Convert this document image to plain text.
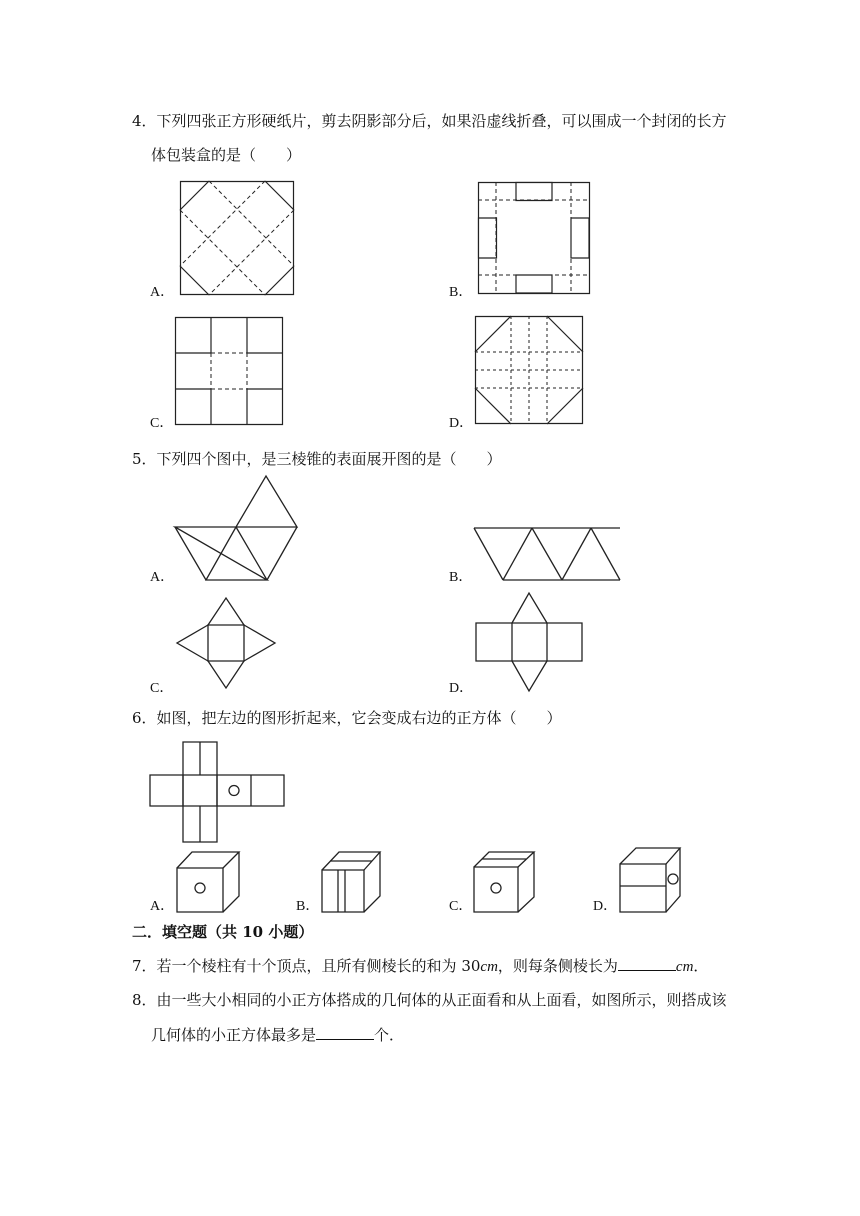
4．下列四张正方形硬纸片，剪去阴影部分后，如果沿虚线折叠，可以围成一个封闭的长方
体包装盒的是（　　）
A．	B．
C．	D．
5．下列四个图中，是三棱锥的表面展开图的是（　　）
A．	B．
C．	D．
6．如图，把左边的图形折起来，它会变成右边的正方体（　　）
A．	B．	C．	D．
二．填空题（共 10 小题）
7．若一个棱柱有十个顶点，且所有侧棱长的和为 30cm，则每条侧棱长为	cm．
8．由一些大小相同的小正方体搭成的几何体的从正面看和从上面看，如图所示，则搭成该
几何体的小正方体最多是	个．
